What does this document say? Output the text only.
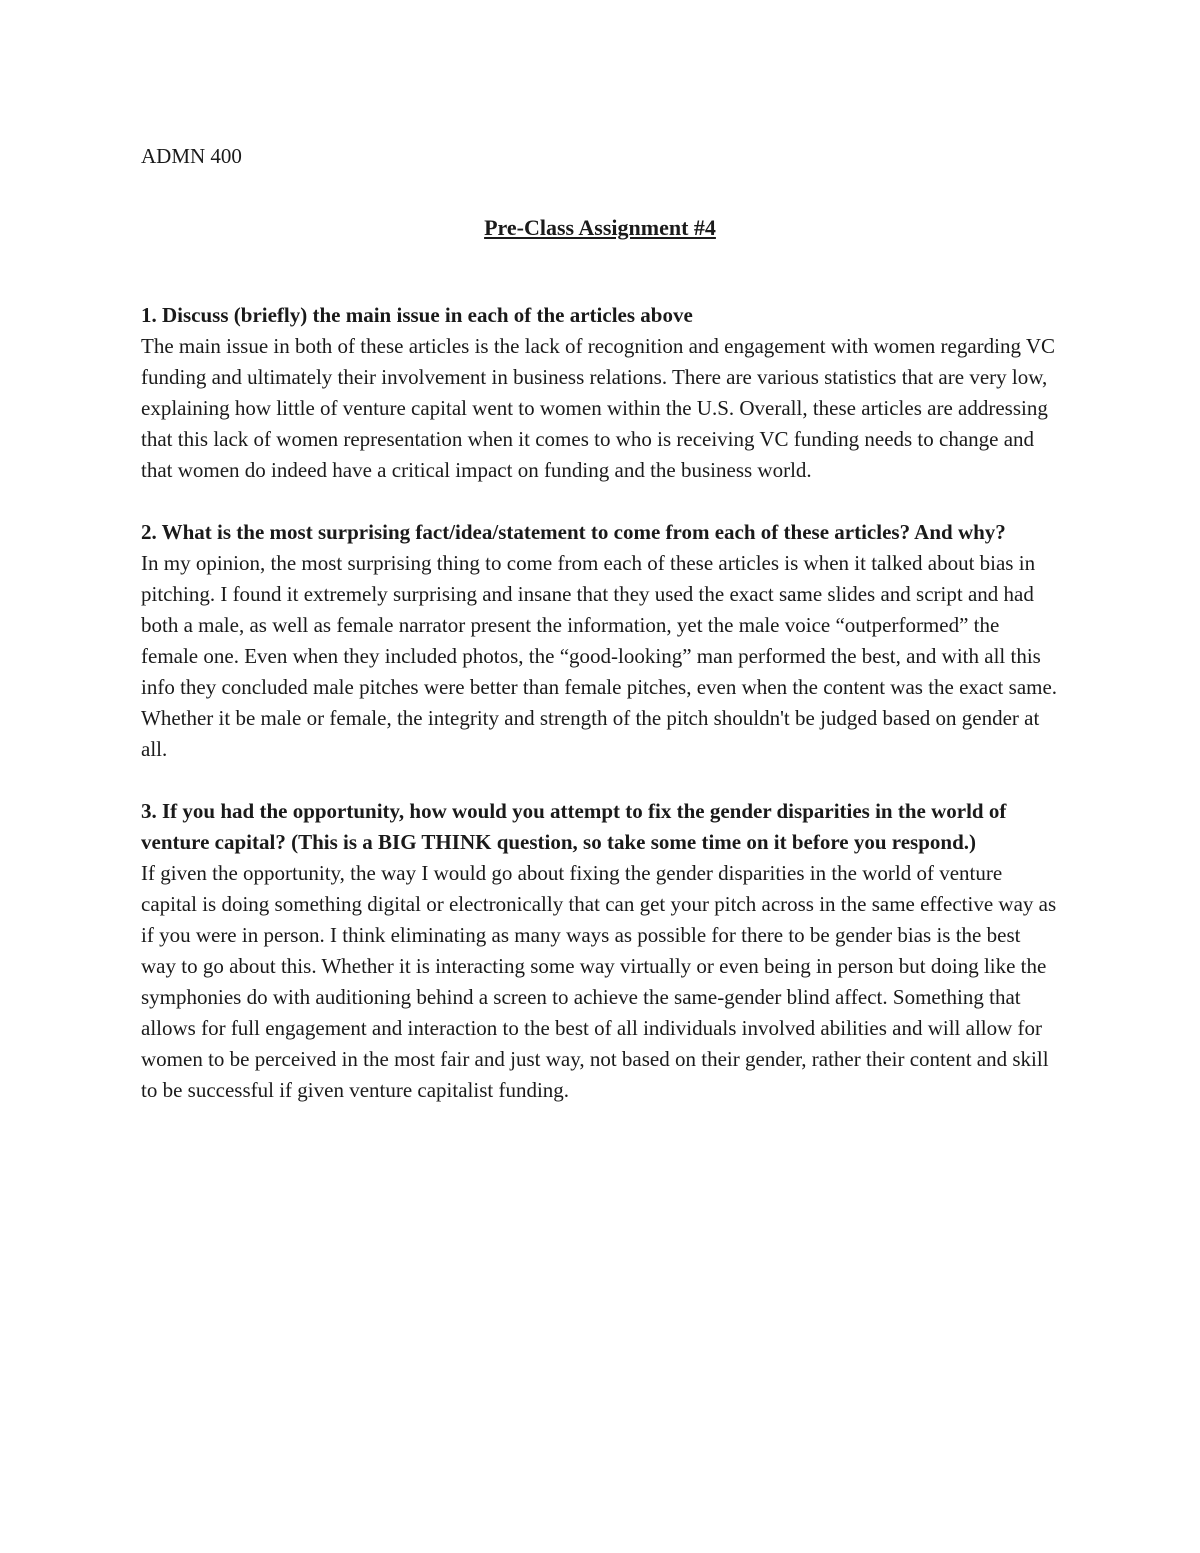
ADMN 400

Pre-Class Assignment #4

1. Discuss (briefly) the main issue in each of the articles above

The main issue in both of these articles is the lack of recognition and engagement with women regarding VC funding and ultimately their involvement in business relations. There are various statistics that are very low, explaining how little of venture capital went to women within the U.S. Overall, these articles are addressing that this lack of women representation when it comes to who is receiving VC funding needs to change and that women do indeed have a critical impact on funding and the business world.

2. What is the most surprising fact/idea/statement to come from each of these articles? And why?

In my opinion, the most surprising thing to come from each of these articles is when it talked about bias in pitching. I found it extremely surprising and insane that they used the exact same slides and script and had both a male, as well as female narrator present the information, yet the male voice “outperformed” the female one. Even when they included photos, the “good-looking” man performed the best, and with all this info they concluded male pitches were better than female pitches, even when the content was the exact same. Whether it be male or female, the integrity and strength of the pitch shouldn't be judged based on gender at all.

3. If you had the opportunity, how would you attempt to fix the gender disparities in the world of venture capital? (This is a BIG THINK question, so take some time on it before you respond.)

If given the opportunity, the way I would go about fixing the gender disparities in the world of venture capital is doing something digital or electronically that can get your pitch across in the same effective way as if you were in person. I think eliminating as many ways as possible for there to be gender bias is the best way to go about this. Whether it is interacting some way virtually or even being in person but doing like the symphonies do with auditioning behind a screen to achieve the same-gender blind affect. Something that allows for full engagement and interaction to the best of all individuals involved abilities and will allow for women to be perceived in the most fair and just way, not based on their gender, rather their content and skill to be successful if given venture capitalist funding.
